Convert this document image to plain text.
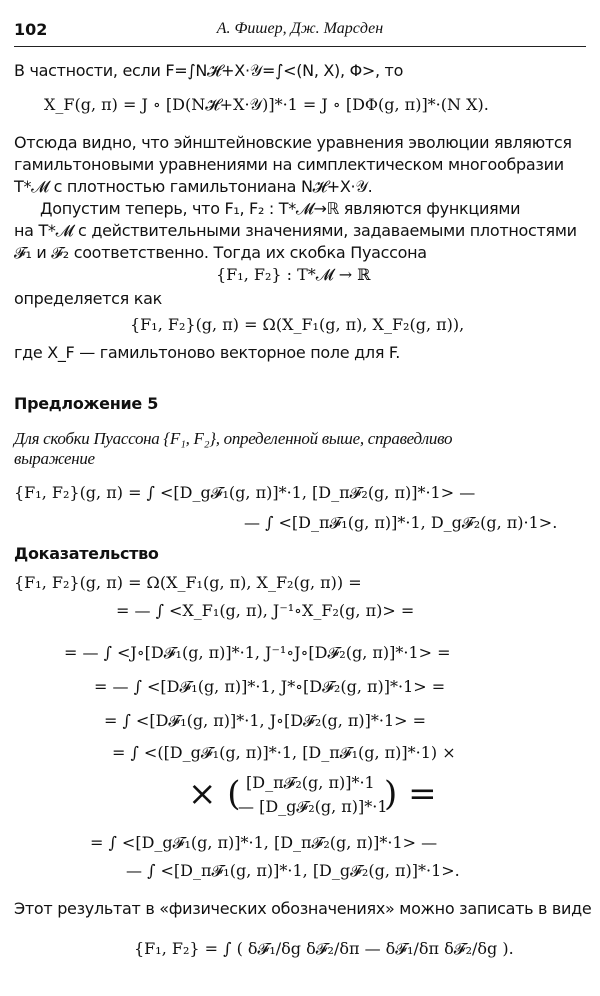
102	А. Фишер, Дж. Марсден
В частности, если F=∫N𝓗+X·𝒴=∫<(N, X), Φ>, то
X_F(g, π) = J ∘ [D(N𝓗+X·𝒴)]*·1 = J ∘ [DΦ(g, π)]*·(N X).
Отсюда видно, что эйнштейновские уравнения эволюции являются
гамильтоновыми уравнениями на симплектическом многообразии
T*𝓜 с плотностью гамильтониана N𝓗+X·𝒴.
Допустим теперь, что F₁, F₂ : T*𝓜→ℝ являются функциями
на T*𝓜 с действительными значениями, задаваемыми плотностями
𝓕₁ и 𝓕₂ соответственно. Тогда их скобка Пуассона
{F₁, F₂} : T*𝓜 → ℝ
определяется как
{F₁, F₂}(g, π) = Ω(X_F₁(g, π), X_F₂(g, π)),
где X_F — гамильтоново векторное поле для F.
Предложение 5
Для скобки Пуассона {F₁, F₂}, определенной выше, справедливо
выражение
{F₁, F₂}(g, π) = ∫ <[D_g𝓕₁(g, π)]*·1, [D_π𝓕₂(g, π)]*·1> —
— ∫ <[D_π𝓕₁(g, π)]*·1, D_g𝓕₂(g, π)·1>.
Доказательство
{F₁, F₂}(g, π) = Ω(X_F₁(g, π), X_F₂(g, π)) =
= — ∫ <X_F₁(g, π), J⁻¹∘X_F₂(g, π)> =
= — ∫ <J∘[D𝓕₁(g, π)]*·1, J⁻¹∘J∘[D𝓕₂(g, π)]*·1> =
= — ∫ <[D𝓕₁(g, π)]*·1, J*∘[D𝓕₂(g, π)]*·1> =
= ∫ <[D𝓕₁(g, π)]*·1, J∘[D𝓕₂(g, π)]*·1> =
= ∫ <([D_g𝓕₁(g, π)]*·1, [D_π𝓕₁(g, π)]*·1) ×
× ( [D_π𝓕₂(g, π)]*·1
— [D_g𝓕₂(g, π)]*·1
) =
= ∫ <[D_g𝓕₁(g, π)]*·1, [D_π𝓕₂(g, π)]*·1> —
— ∫ <[D_π𝓕₁(g, π)]*·1, [D_g𝓕₂(g, π)]*·1>.
Этот результат в «физических обозначениях» можно записать в виде
{F₁, F₂} = ∫ ( δ𝓕₁/δg δ𝓕₂/δπ — δ𝓕₁/δπ δ𝓕₂/δg ).
